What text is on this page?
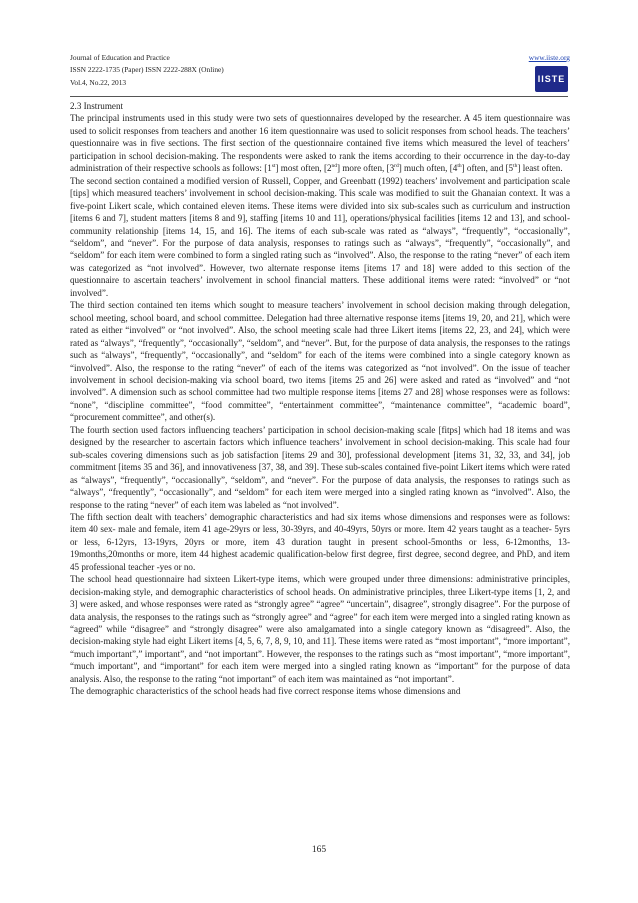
Journal of Education and Practice
ISSN 2222-1735 (Paper) ISSN 2222-288X (Online)
Vol.4, No.22, 2013
www.iiste.org
IISTE

2.3 Instrument

The principal instruments used in this study were two sets of questionnaires developed by the researcher. A 45 item questionnaire was used to solicit responses from teachers and another 16 item questionnaire was used to solicit responses from school heads. The teachers’ questionnaire was in five sections. The first section of the questionnaire contained five items which measured the level of teachers’ participation in school decision-making. The respondents were asked to rank the items according to their occurrence in the day-to-day administration of their respective schools as follows: [1st] most often, [2nd] more often, [3rd] much often, [4th] often, and [5th] least often.

The second section contained a modified version of Russell, Copper, and Greenbatt (1992) teachers’ involvement and participation scale [tips] which measured teachers’ involvement in school decision-making. This scale was modified to suit the Ghanaian context. It was a five-point Likert scale, which contained eleven items. These items were divided into six sub-scales such as curriculum and instruction [items 6 and 7], student matters [items 8 and 9], staffing [items 10 and 11], operations/physical facilities [items 12 and 13], and school-community relationship [items 14, 15, and 16]. The items of each sub-scale was rated as “always”, “frequently”, “occasionally”, “seldom”, and “never”. For the purpose of data analysis, responses to ratings such as “always”, “frequently”, “occasionally”, and “seldom” for each item were combined to form a singled rating such as “involved”. Also, the response to the rating “never” of each item was categorized as “not involved”. However, two alternate response items [items 17 and 18] were added to this section of the questionnaire to ascertain teachers’ involvement in school financial matters. These additional items were rated: “involved” or “not involved”.

The third section contained ten items which sought to measure teachers’ involvement in school decision making through delegation, school meeting, school board, and school committee. Delegation had three alternative response items [items 19, 20, and 21], which were rated as either “involved” or “not involved”. Also, the school meeting scale had three Likert items [items 22, 23, and 24], which were rated as “always”, “frequently”, “occasionally”, “seldom”, and “never”. But, for the purpose of data analysis, the responses to the ratings such as “always”, “frequently”, “occasionally”, and “seldom” for each of the items were combined into a single category known as “involved”. Also, the response to the rating “never” of each of the items was categorized as “not involved”. On the issue of teacher involvement in school decision-making via school board, two items [items 25 and 26] were asked and rated as “involved” and “not involved”. A dimension such as school committee had two multiple response items [items 27 and 28] whose responses were as follows: “none”, “discipline committee”, “food committee”, “entertainment committee”, “maintenance committee”, “academic board”, “procurement committee”, and other(s).

The fourth section used factors influencing teachers’ participation in school decision-making scale [fitps] which had 18 items and was designed by the researcher to ascertain factors which influence teachers’ involvement in school decision-making. This scale had four sub-scales covering dimensions such as job satisfaction [items 29 and 30], professional development [items 31, 32, 33, and 34], job commitment [items 35 and 36], and innovativeness [37, 38, and 39]. These sub-scales contained five-point Likert items which were rated as “always”, “frequently”, “occasionally”, “seldom”, and “never”. For the purpose of data analysis, the responses to ratings such as “always”, “frequently”, “occasionally”, and “seldom” for each item were merged into a singled rating known as “involved”. Also, the response to the rating “never” of each item was labeled as “not involved”.

The fifth section dealt with teachers’ demographic characteristics and had six items whose dimensions and responses were as follows: item 40 sex- male and female, item 41 age-29yrs or less, 30-39yrs, and 40-49yrs, 50yrs or more. Item 42 years taught as a teacher- 5yrs or less, 6-12yrs, 13-19yrs, 20yrs or more, item 43 duration taught in present school-5months or less, 6-12months, 13-19months,20months or more, item 44 highest academic qualification-below first degree, first degree, second degree, and PhD, and item 45 professional teacher -yes or no.

The school head questionnaire had sixteen Likert-type items, which were grouped under three dimensions: administrative principles, decision-making style, and demographic characteristics of school heads. On administrative principles, three Likert-type items [1, 2, and 3] were asked, and whose responses were rated as “strongly agree” “agree” “uncertain”, disagree”, strongly disagree”. For the purpose of data analysis, the responses to the ratings such as “strongly agree” and “agree” for each item were merged into a singled rating known as “agreed” while “disagree” and “strongly disagree” were also amalgamated into a single category known as “disagreed”. Also, the decision-making style had eight Likert items [4, 5, 6, 7, 8, 9, 10, and 11]. These items were rated as “most important”, “more important”, “much important”,” important”, and “not important”. However, the responses to the ratings such as “most important”, “more important”, “much important”, and “important” for each item were merged into a singled rating known as “important” for the purpose of data analysis. Also, the response to the rating “not important” of each item was maintained as “not important”.

The demographic characteristics of the school heads had five correct response items whose dimensions and

165
